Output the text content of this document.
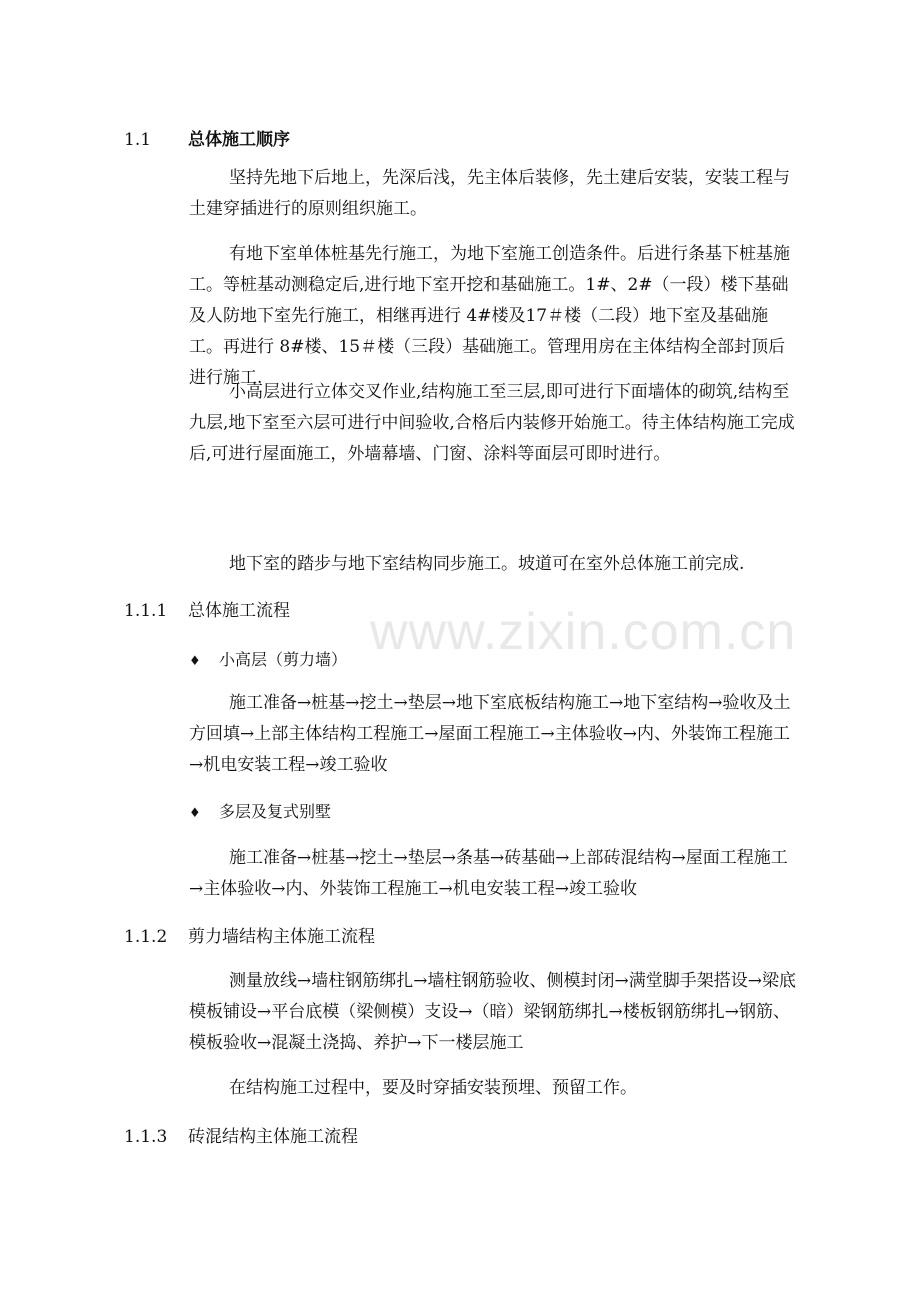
1.1 总体施工顺序

坚持先地下后地上，先深后浅，先主体后装修，先土建后安装，安装工程与土建穿插进行的原则组织施工。

有地下室单体桩基先行施工，为地下室施工创造条件。后进行条基下桩基施工。等桩基动测稳定后,进行地下室开挖和基础施工。1#、2#（一段）楼下基础及人防地下室先行施工，相继再进行 4#楼及17＃楼（二段）地下室及基础施工。再进行 8#楼、15＃楼（三段）基础施工。管理用房在主体结构全部封顶后进行施工.

小高层进行立体交叉作业,结构施工至三层,即可进行下面墙体的砌筑,结构至九层,地下室至六层可进行中间验收,合格后内装修开始施工。待主体结构施工完成后,可进行屋面施工，外墙幕墙、门窗、涂料等面层可即时进行。

地下室的踏步与地下室结构同步施工。坡道可在室外总体施工前完成.

1.1.1 总体施工流程 www.zixin.com.cn
♦ 小高层（剪力墙）

施工准备→桩基→挖土→垫层→地下室底板结构施工→地下室结构→验收及土方回填→上部主体结构工程施工→屋面工程施工→主体验收→内、外装饰工程施工→机电安装工程→竣工验收

♦ 多层及复式别墅

施工准备→桩基→挖土→垫层→条基→砖基础→上部砖混结构→屋面工程施工→主体验收→内、外装饰工程施工→机电安装工程→竣工验收

1.1.2 剪力墙结构主体施工流程

测量放线→墙柱钢筋绑扎→墙柱钢筋验收、侧模封闭→满堂脚手架搭设→梁底模板铺设→平台底模（梁侧模）支设→（暗）梁钢筋绑扎→楼板钢筋绑扎→钢筋、模板验收→混凝土浇捣、养护→下一楼层施工

在结构施工过程中，要及时穿插安装预埋、预留工作。

1.1.3 砖混结构主体施工流程
